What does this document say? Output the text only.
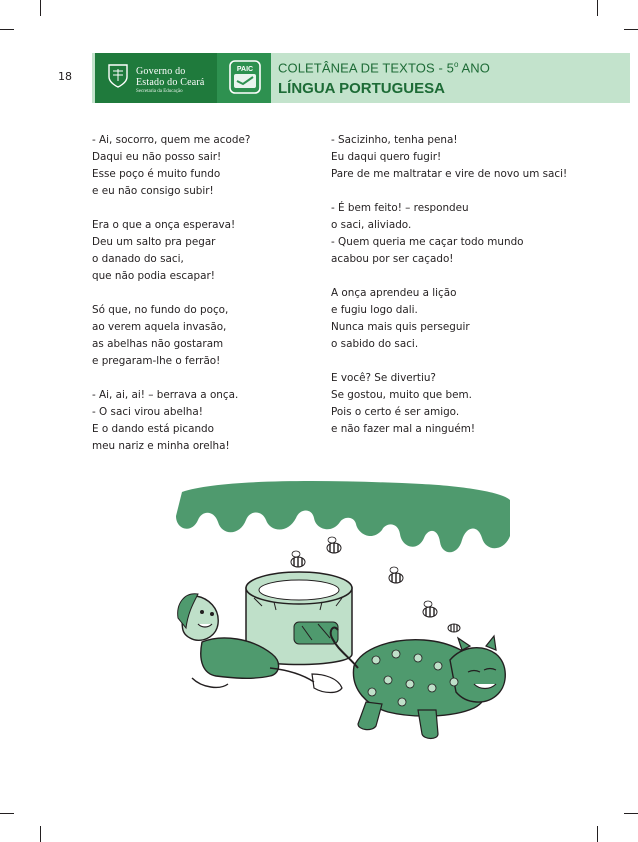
18	Governo do
Estado do Ceará
Secretaria da Educação
PAIC COLETÂNEA DE TEXTOS - 5$^o$ ANO
LÍNGUA PORTUGUESA
- Ai, socorro, quem me acode?
Daqui eu não posso sair!
Esse poço é muito fundo
e eu não consigo subir!
Era o que a onça esperava!
Deu um salto pra pegar
o danado do saci,
que não podia escapar!
Só que, no fundo do poço,
ao verem aquela invasão,
as abelhas não gostaram
e pregaram-lhe o ferrão!
- Ai, ai, ai! – berrava a onça.
- O saci virou abelha!
E o dando está picando
meu nariz e minha orelha!
- Sacizinho, tenha pena!
Eu daqui quero fugir!
Pare de me maltratar e vire de novo um saci!
- É bem feito! – respondeu
o saci, aliviado.
- Quem queria me caçar todo mundo
acabou por ser caçado!
A onça aprendeu a lição
e fugiu logo dali.
Nunca mais quis perseguir
o sabido do saci.
E você? Se divertiu?
Se gostou, muito que bem.
Pois o certo é ser amigo.
e não fazer mal a ninguém!
